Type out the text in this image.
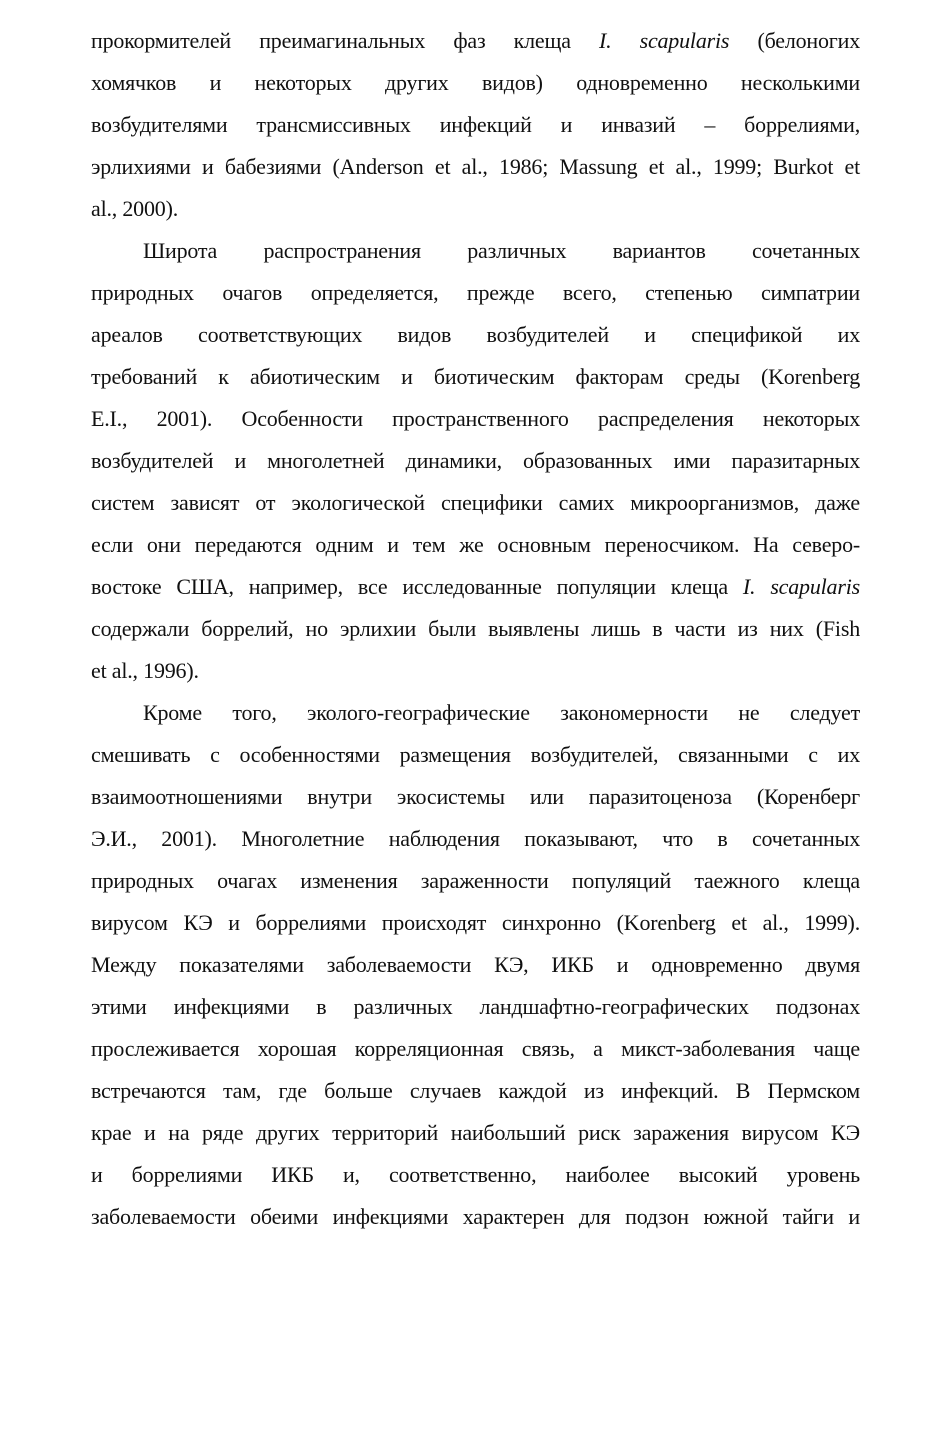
прокормителей преимагинальных фаз клеща I. scapularis (белоногих
хомячков и некоторых других видов) одновременно несколькими
возбудителями трансмиссивных инфекций и инвазий – боррелиями,
эрлихиями и бабезиями (Anderson et al., 1986; Massung et al., 1999; Burkot et
al., 2000).
Широта распространения различных вариантов сочетанных
природных очагов определяется, прежде всего, степенью симпатрии
ареалов соответствующих видов возбудителей и спецификой их
требований к абиотическим и биотическим факторам среды (Korenberg
E.I., 2001). Особенности пространственного распределения некоторых
возбудителей и многолетней динамики, образованных ими паразитарных
систем зависят от экологической специфики самих микроорганизмов, даже
если они передаются одним и тем же основным переносчиком. На северо-
востоке США, например, все исследованные популяции клеща I. scapularis
содержали боррелий, но эрлихии были выявлены лишь в части из них (Fish
et al., 1996).
Кроме того, эколого-географические закономерности не следует
смешивать с особенностями размещения возбудителей, связанными с их
взаимоотношениями внутри экосистемы или паразитоценоза (Коренберг
Э.И., 2001). Многолетние наблюдения показывают, что в сочетанных
природных очагах изменения зараженности популяций таежного клеща
вирусом КЭ и боррелиями происходят синхронно (Korenberg et al., 1999).
Между показателями заболеваемости КЭ, ИКБ и одновременно двумя
этими инфекциями в различных ландшафтно-географических подзонах
прослеживается хорошая корреляционная связь, а микст-заболевания чаще
встречаются там, где больше случаев каждой из инфекций. В Пермском
крае и на ряде других территорий наибольший риск заражения вирусом КЭ
и боррелиями ИКБ и, соответственно, наиболее высокий уровень
заболеваемости обеими инфекциями характерен для подзон южной тайги и
